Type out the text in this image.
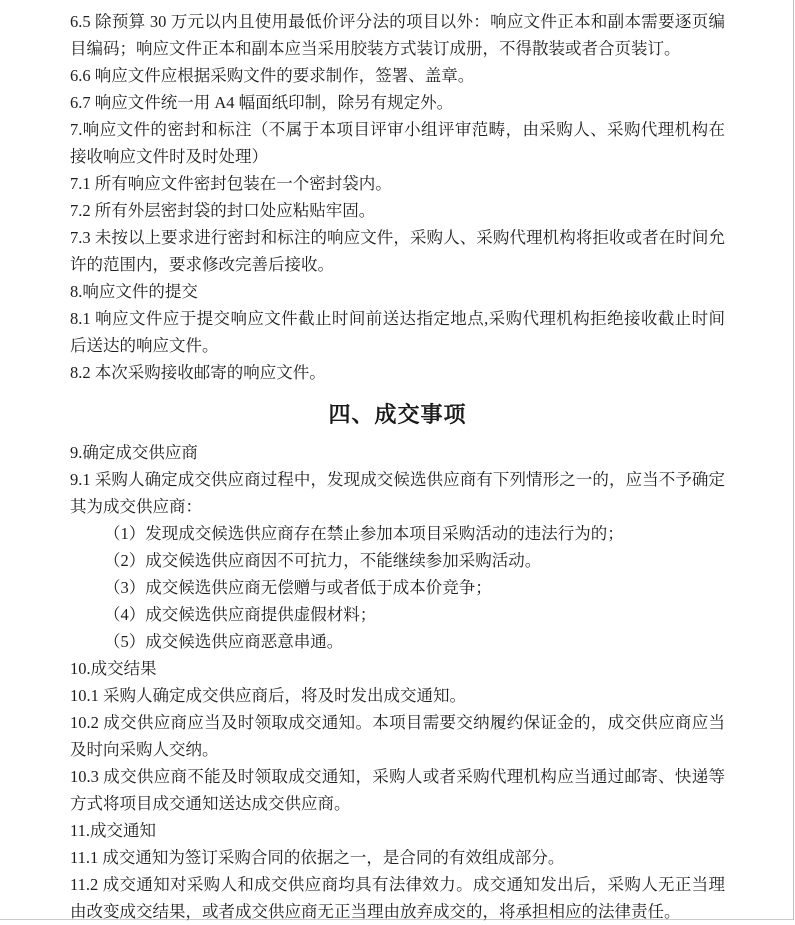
6.5 除预算 30 万元以内且使用最低价评分法的项目以外：响应文件正本和副本需要逐页编目编码；响应文件正本和副本应当采用胶装方式装订成册，不得散装或者合页装订。
6.6 响应文件应根据采购文件的要求制作，签署、盖章。
6.7 响应文件统一用 A4 幅面纸印制，除另有规定外。
7.响应文件的密封和标注（不属于本项目评审小组评审范畴，由采购人、采购代理机构在接收响应文件时及时处理）
7.1 所有响应文件密封包装在一个密封袋内。
7.2 所有外层密封袋的封口处应粘贴牢固。
7.3 未按以上要求进行密封和标注的响应文件，采购人、采购代理机构将拒收或者在时间允许的范围内，要求修改完善后接收。
8.响应文件的提交
8.1 响应文件应于提交响应文件截止时间前送达指定地点,采购代理机构拒绝接收截止时间后送达的响应文件。
8.2 本次采购接收邮寄的响应文件。
四、成交事项
9.确定成交供应商
9.1 采购人确定成交供应商过程中，发现成交候选供应商有下列情形之一的，应当不予确定其为成交供应商：
（1）发现成交候选供应商存在禁止参加本项目采购活动的违法行为的；
（2）成交候选供应商因不可抗力，不能继续参加采购活动。
（3）成交候选供应商无偿赠与或者低于成本价竞争；
（4）成交候选供应商提供虚假材料；
（5）成交候选供应商恶意串通。
10.成交结果
10.1 采购人确定成交供应商后，将及时发出成交通知。
10.2 成交供应商应当及时领取成交通知。本项目需要交纳履约保证金的，成交供应商应当及时向采购人交纳。
10.3 成交供应商不能及时领取成交通知，采购人或者采购代理机构应当通过邮寄、快递等方式将项目成交通知送达成交供应商。
11.成交通知
11.1 成交通知为签订采购合同的依据之一，是合同的有效组成部分。
11.2 成交通知对采购人和成交供应商均具有法律效力。成交通知发出后，采购人无正当理由改变成交结果，或者成交供应商无正当理由放弃成交的，将承担相应的法律责任。
